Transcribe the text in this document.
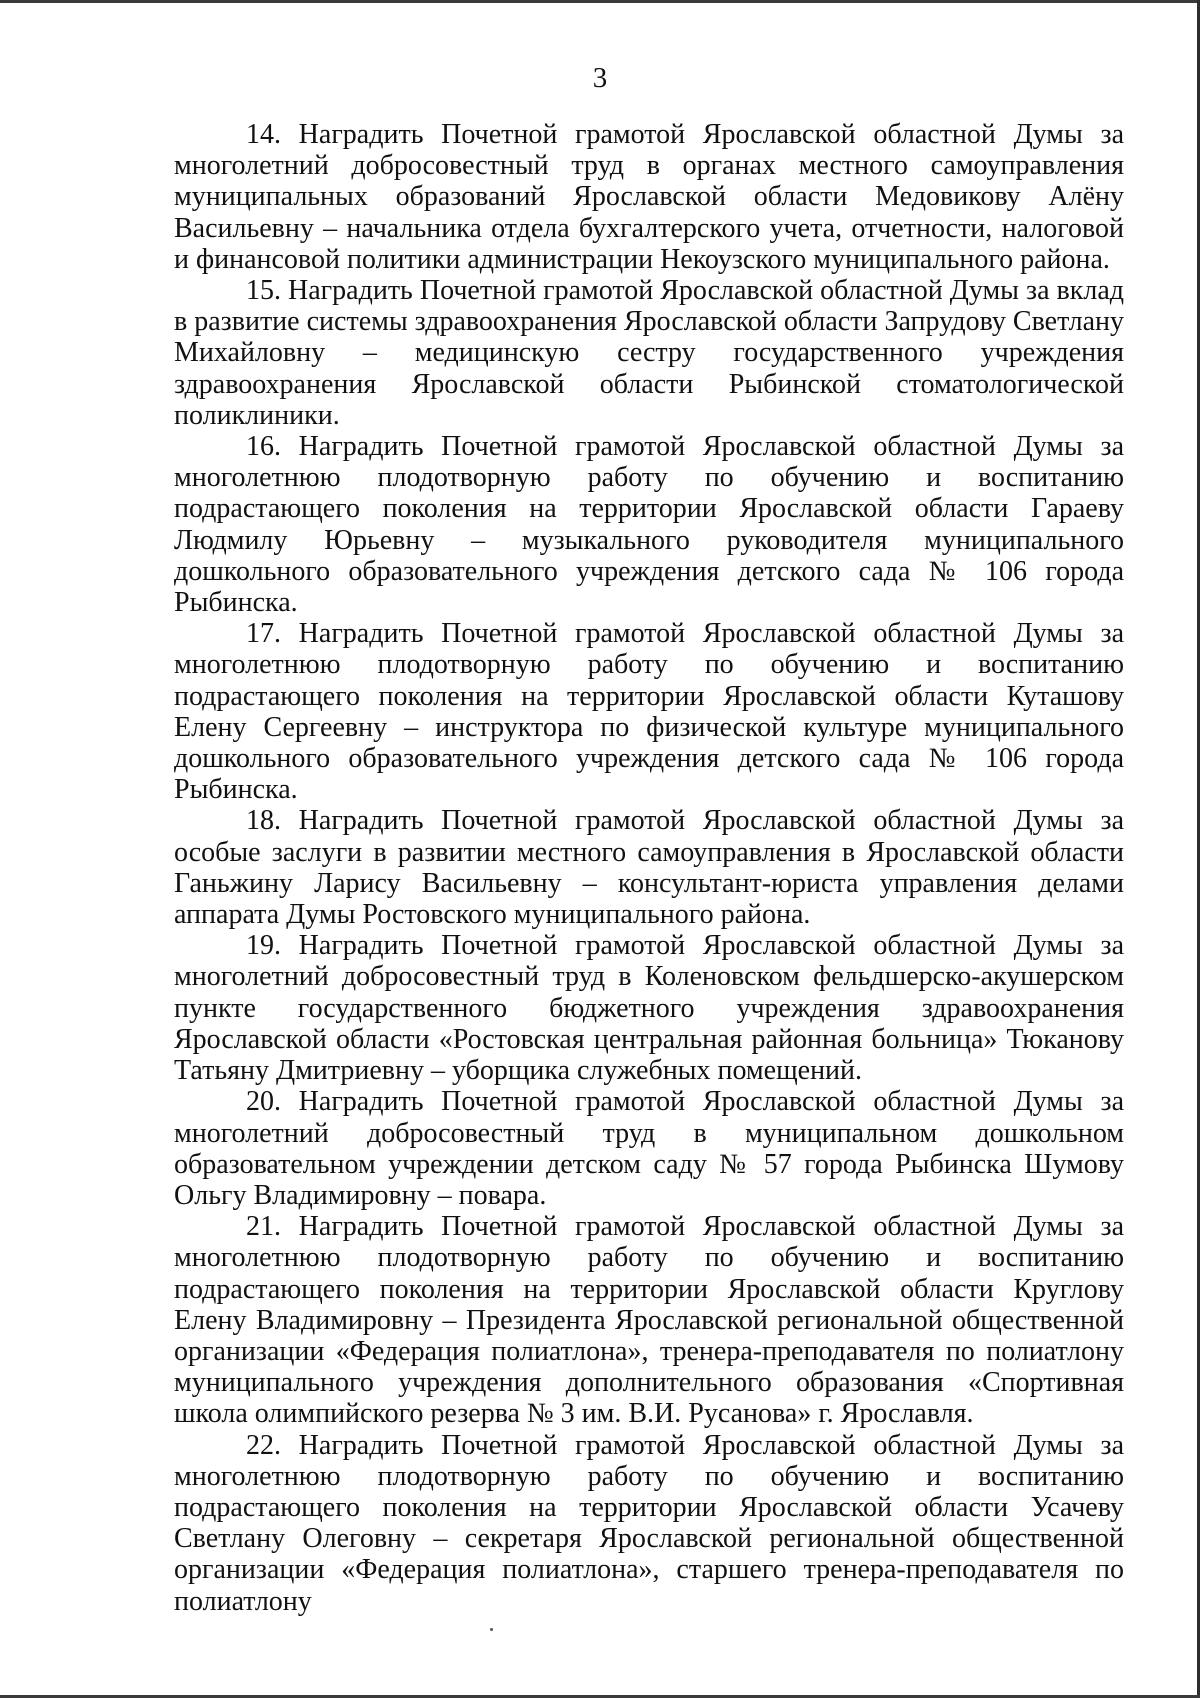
3

14. Наградить Почетной грамотой Ярославской областной Думы за многолетний добросовестный труд в органах местного самоуправления муниципальных образований Ярославской области Медовикову Алёну Васильевну – начальника отдела бухгалтерского учета, отчетности, налоговой и финансовой политики администрации Некоузского муниципального района.

15. Наградить Почетной грамотой Ярославской областной Думы за вклад в развитие системы здравоохранения Ярославской области Запрудову Светлану Михайловну – медицинскую сестру государственного учреждения здравоохранения Ярославской области Рыбинской стоматологической поликлиники.

16. Наградить Почетной грамотой Ярославской областной Думы за многолетнюю плодотворную работу по обучению и воспитанию подрастающего поколения на территории Ярославской области Гараеву Людмилу Юрьевну – музыкального руководителя муниципального дошкольного образовательного учреждения детского сада № 106 города Рыбинска.

17. Наградить Почетной грамотой Ярославской областной Думы за многолетнюю плодотворную работу по обучению и воспитанию подрастающего поколения на территории Ярославской области Куташову Елену Сергеевну – инструктора по физической культуре муниципального дошкольного образовательного учреждения детского сада № 106 города Рыбинска.

18. Наградить Почетной грамотой Ярославской областной Думы за особые заслуги в развитии местного самоуправления в Ярославской области Ганьжину Ларису Васильевну – консультант-юриста управления делами аппарата Думы Ростовского муниципального района.

19. Наградить Почетной грамотой Ярославской областной Думы за многолетний добросовестный труд в Коленовском фельдшерско-акушерском пункте государственного бюджетного учреждения здравоохранения Ярославской области «Ростовская центральная районная больница» Тюканову Татьяну Дмитриевну – уборщика служебных помещений.

20. Наградить Почетной грамотой Ярославской областной Думы за многолетний добросовестный труд в муниципальном дошкольном образовательном учреждении детском саду № 57 города Рыбинска Шумову Ольгу Владимировну – повара.

21. Наградить Почетной грамотой Ярославской областной Думы за многолетнюю плодотворную работу по обучению и воспитанию подрастающего поколения на территории Ярославской области Круглову Елену Владимировну – Президента Ярославской региональной общественной организации «Федерация полиатлона», тренера-преподавателя по полиатлону муниципального учреждения дополнительного образования «Спортивная школа олимпийского резерва № 3 им. В.И. Русанова» г. Ярославля.

22. Наградить Почетной грамотой Ярославской областной Думы за многолетнюю плодотворную работу по обучению и воспитанию подрастающего поколения на территории Ярославской области Усачеву Светлану Олеговну – секретаря Ярославской региональной общественной организации «Федерация полиатлона», старшего тренера-преподавателя по полиатлону
